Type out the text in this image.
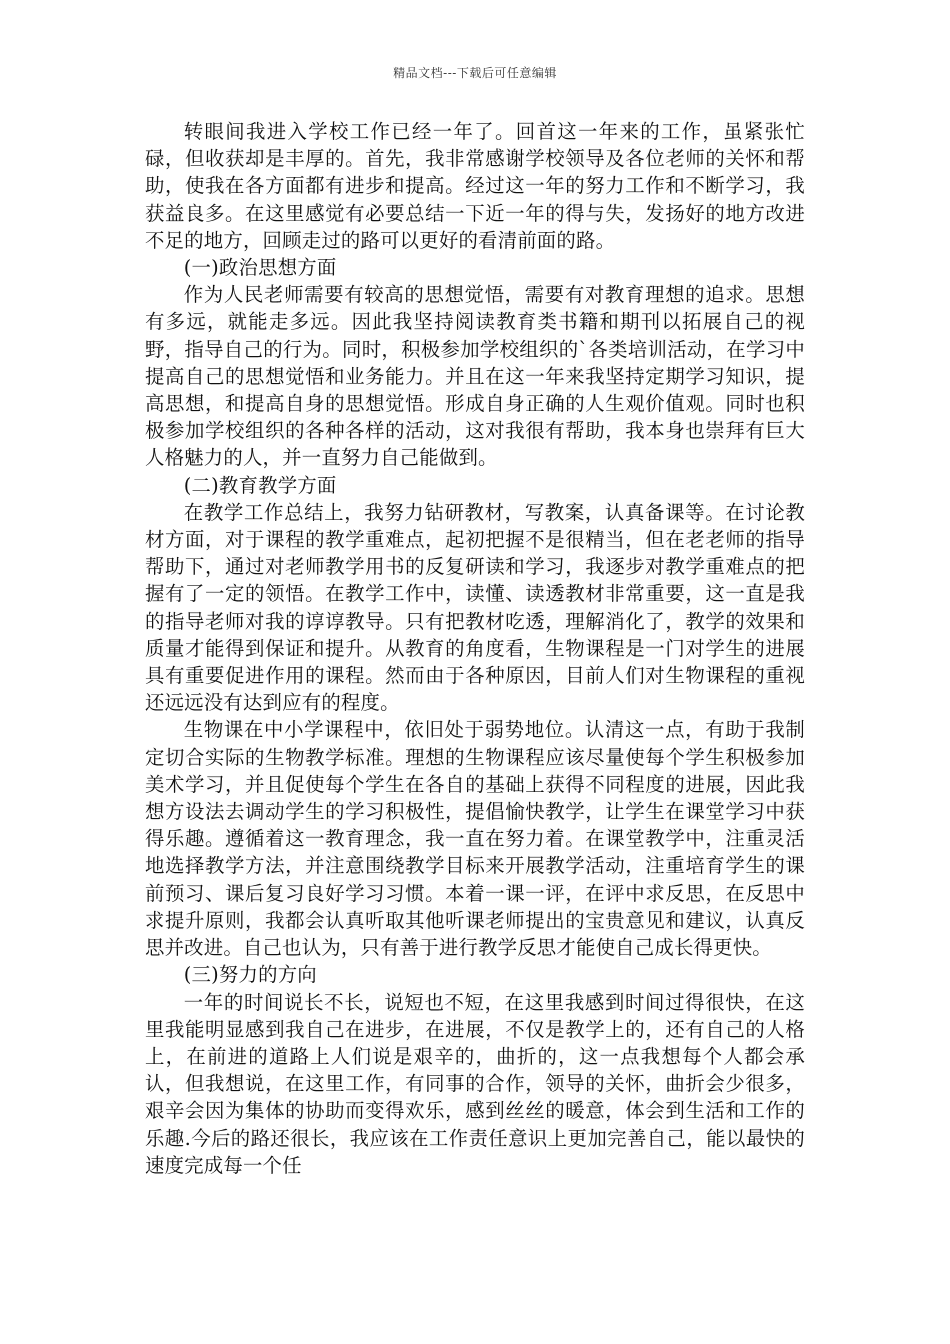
精品文档---下载后可任意编辑

转眼间我进入学校工作已经一年了。回首这一年来的工作，虽紧张忙碌，但收获却是丰厚的。首先，我非常感谢学校领导及各位老师的关怀和帮助，使我在各方面都有进步和提高。经过这一年的努力工作和不断学习，我获益良多。在这里感觉有必要总结一下近一年的得与失，发扬好的地方改进不足的地方，回顾走过的路可以更好的看清前面的路。

(一)政治思想方面

作为人民老师需要有较高的思想觉悟，需要有对教育理想的追求。思想有多远，就能走多远。因此我坚持阅读教育类书籍和期刊以拓展自己的视野，指导自己的行为。同时，积极参加学校组织的`各类培训活动，在学习中提高自己的思想觉悟和业务能力。并且在这一年来我坚持定期学习知识，提高思想，和提高自身的思想觉悟。形成自身正确的人生观价值观。同时也积极参加学校组织的各种各样的活动，这对我很有帮助，我本身也崇拜有巨大人格魅力的人，并一直努力自己能做到。

(二)教育教学方面

在教学工作总结上，我努力钻研教材，写教案，认真备课等。在讨论教材方面，对于课程的教学重难点，起初把握不是很精当，但在老老师的指导帮助下，通过对老师教学用书的反复研读和学习，我逐步对教学重难点的把握有了一定的领悟。在教学工作中，读懂、读透教材非常重要，这一直是我的指导老师对我的谆谆教导。只有把教材吃透，理解消化了，教学的效果和质量才能得到保证和提升。从教育的角度看，生物课程是一门对学生的进展具有重要促进作用的课程。然而由于各种原因，目前人们对生物课程的重视还远远没有达到应有的程度。

生物课在中小学课程中，依旧处于弱势地位。认清这一点，有助于我制定切合实际的生物教学标准。理想的生物课程应该尽量使每个学生积极参加美术学习，并且促使每个学生在各自的基础上获得不同程度的进展，因此我想方设法去调动学生的学习积极性，提倡愉快教学，让学生在课堂学习中获得乐趣。遵循着这一教育理念，我一直在努力着。在课堂教学中，注重灵活地选择教学方法，并注意围绕教学目标来开展教学活动，注重培育学生的课前预习、课后复习良好学习习惯。本着一课一评，在评中求反思，在反思中求提升原则，我都会认真听取其他听课老师提出的宝贵意见和建议，认真反思并改进。自己也认为，只有善于进行教学反思才能使自己成长得更快。

(三)努力的方向

一年的时间说长不长，说短也不短，在这里我感到时间过得很快，在这里我能明显感到我自己在进步，在进展，不仅是教学上的，还有自己的人格上，在前进的道路上人们说是艰辛的，曲折的，这一点我想每个人都会承认，但我想说，在这里工作，有同事的合作，领导的关怀，曲折会少很多，艰辛会因为集体的协助而变得欢乐，感到丝丝的暖意，体会到生活和工作的乐趣.今后的路还很长，我应该在工作责任意识上更加完善自己，能以最快的速度完成每一个任
